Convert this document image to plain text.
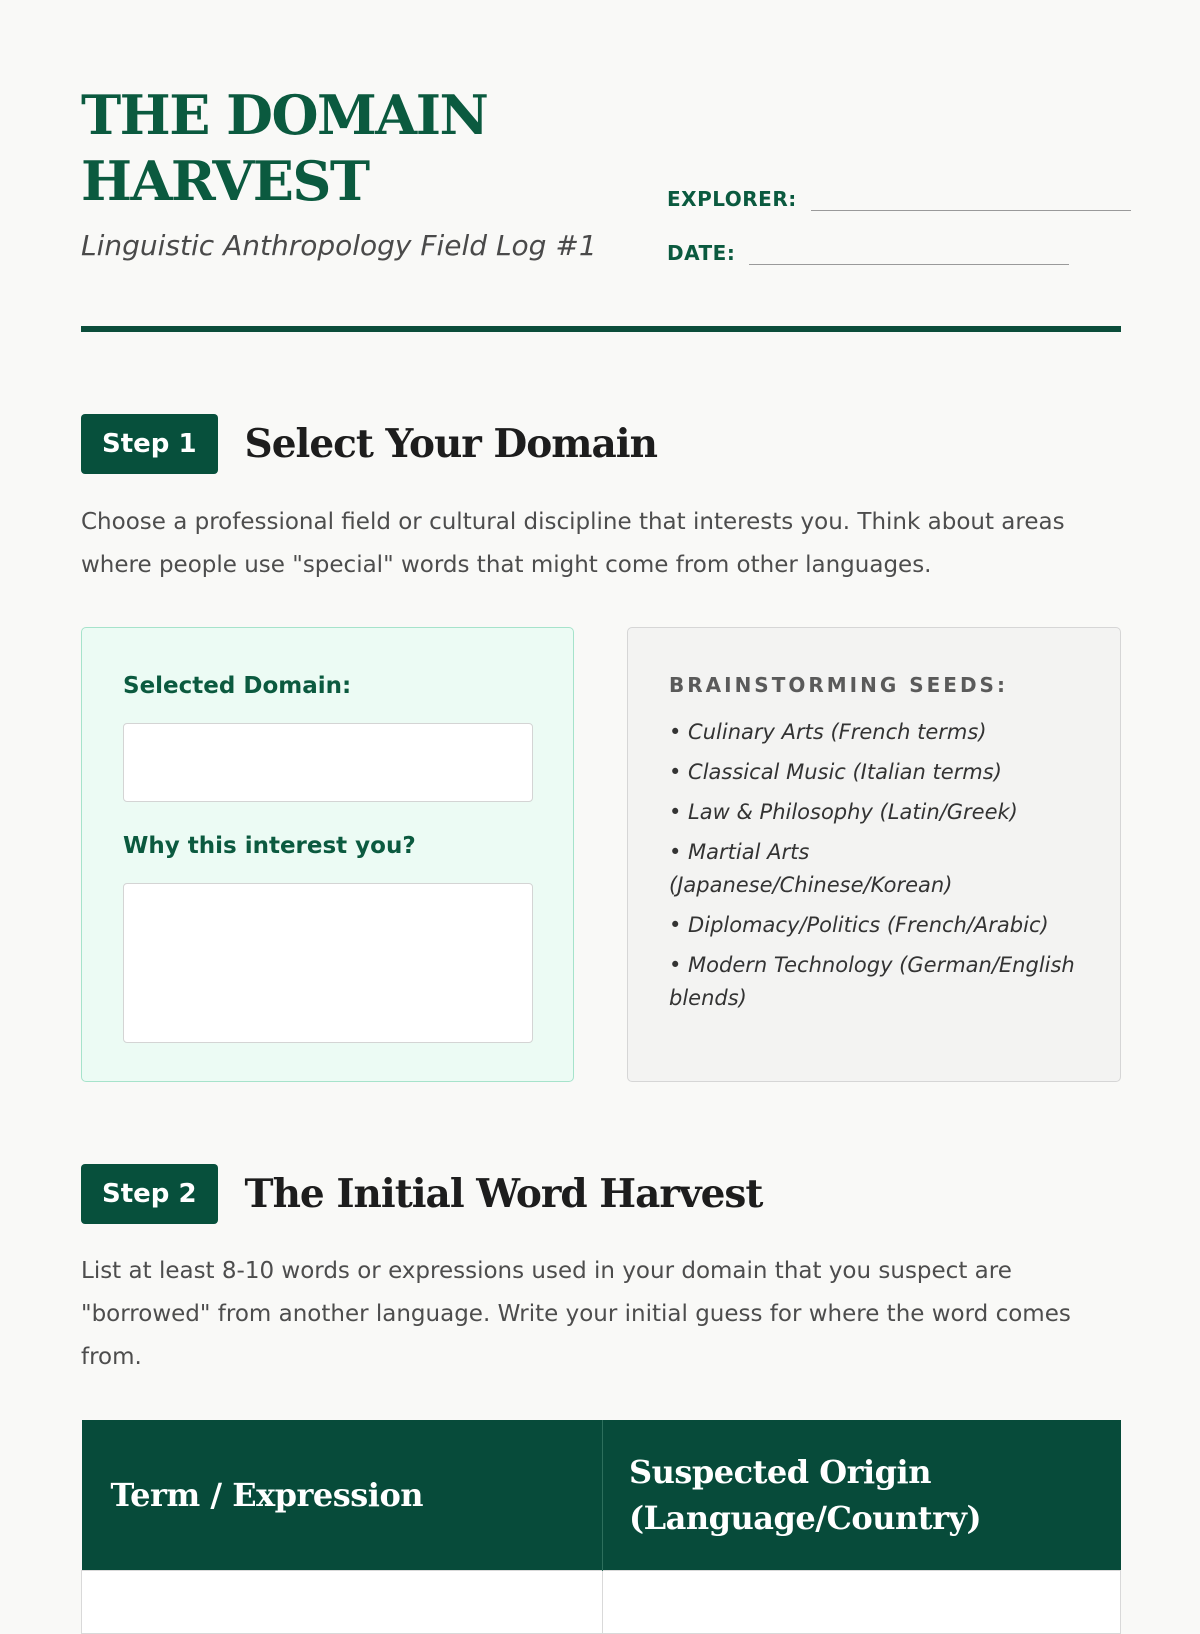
THE DOMAIN HARVEST
Linguistic Anthropology Field Log #1
EXPLORER:
DATE:
Step 1	Select Your Domain

Choose a professional field or cultural discipline that interests you. Think about areas where people use "special" words that might come from other languages.

Selected Domain:
Why this interest you?
BRAINSTORMING SEEDS:
• Culinary Arts (French terms)
• Classical Music (Italian terms)
• Law & Philosophy (Latin/Greek)
• Martial Arts (Japanese/Chinese/Korean)
• Diplomacy/Politics (French/Arabic)
• Modern Technology (German/English blends)
Step 2	The Initial Word Harvest

List at least 8-10 words or expressions used in your domain that you suspect are "borrowed" from another language. Write your initial guess for where the word comes from.

Term / Expression	Suspected Origin (Language/Country)
